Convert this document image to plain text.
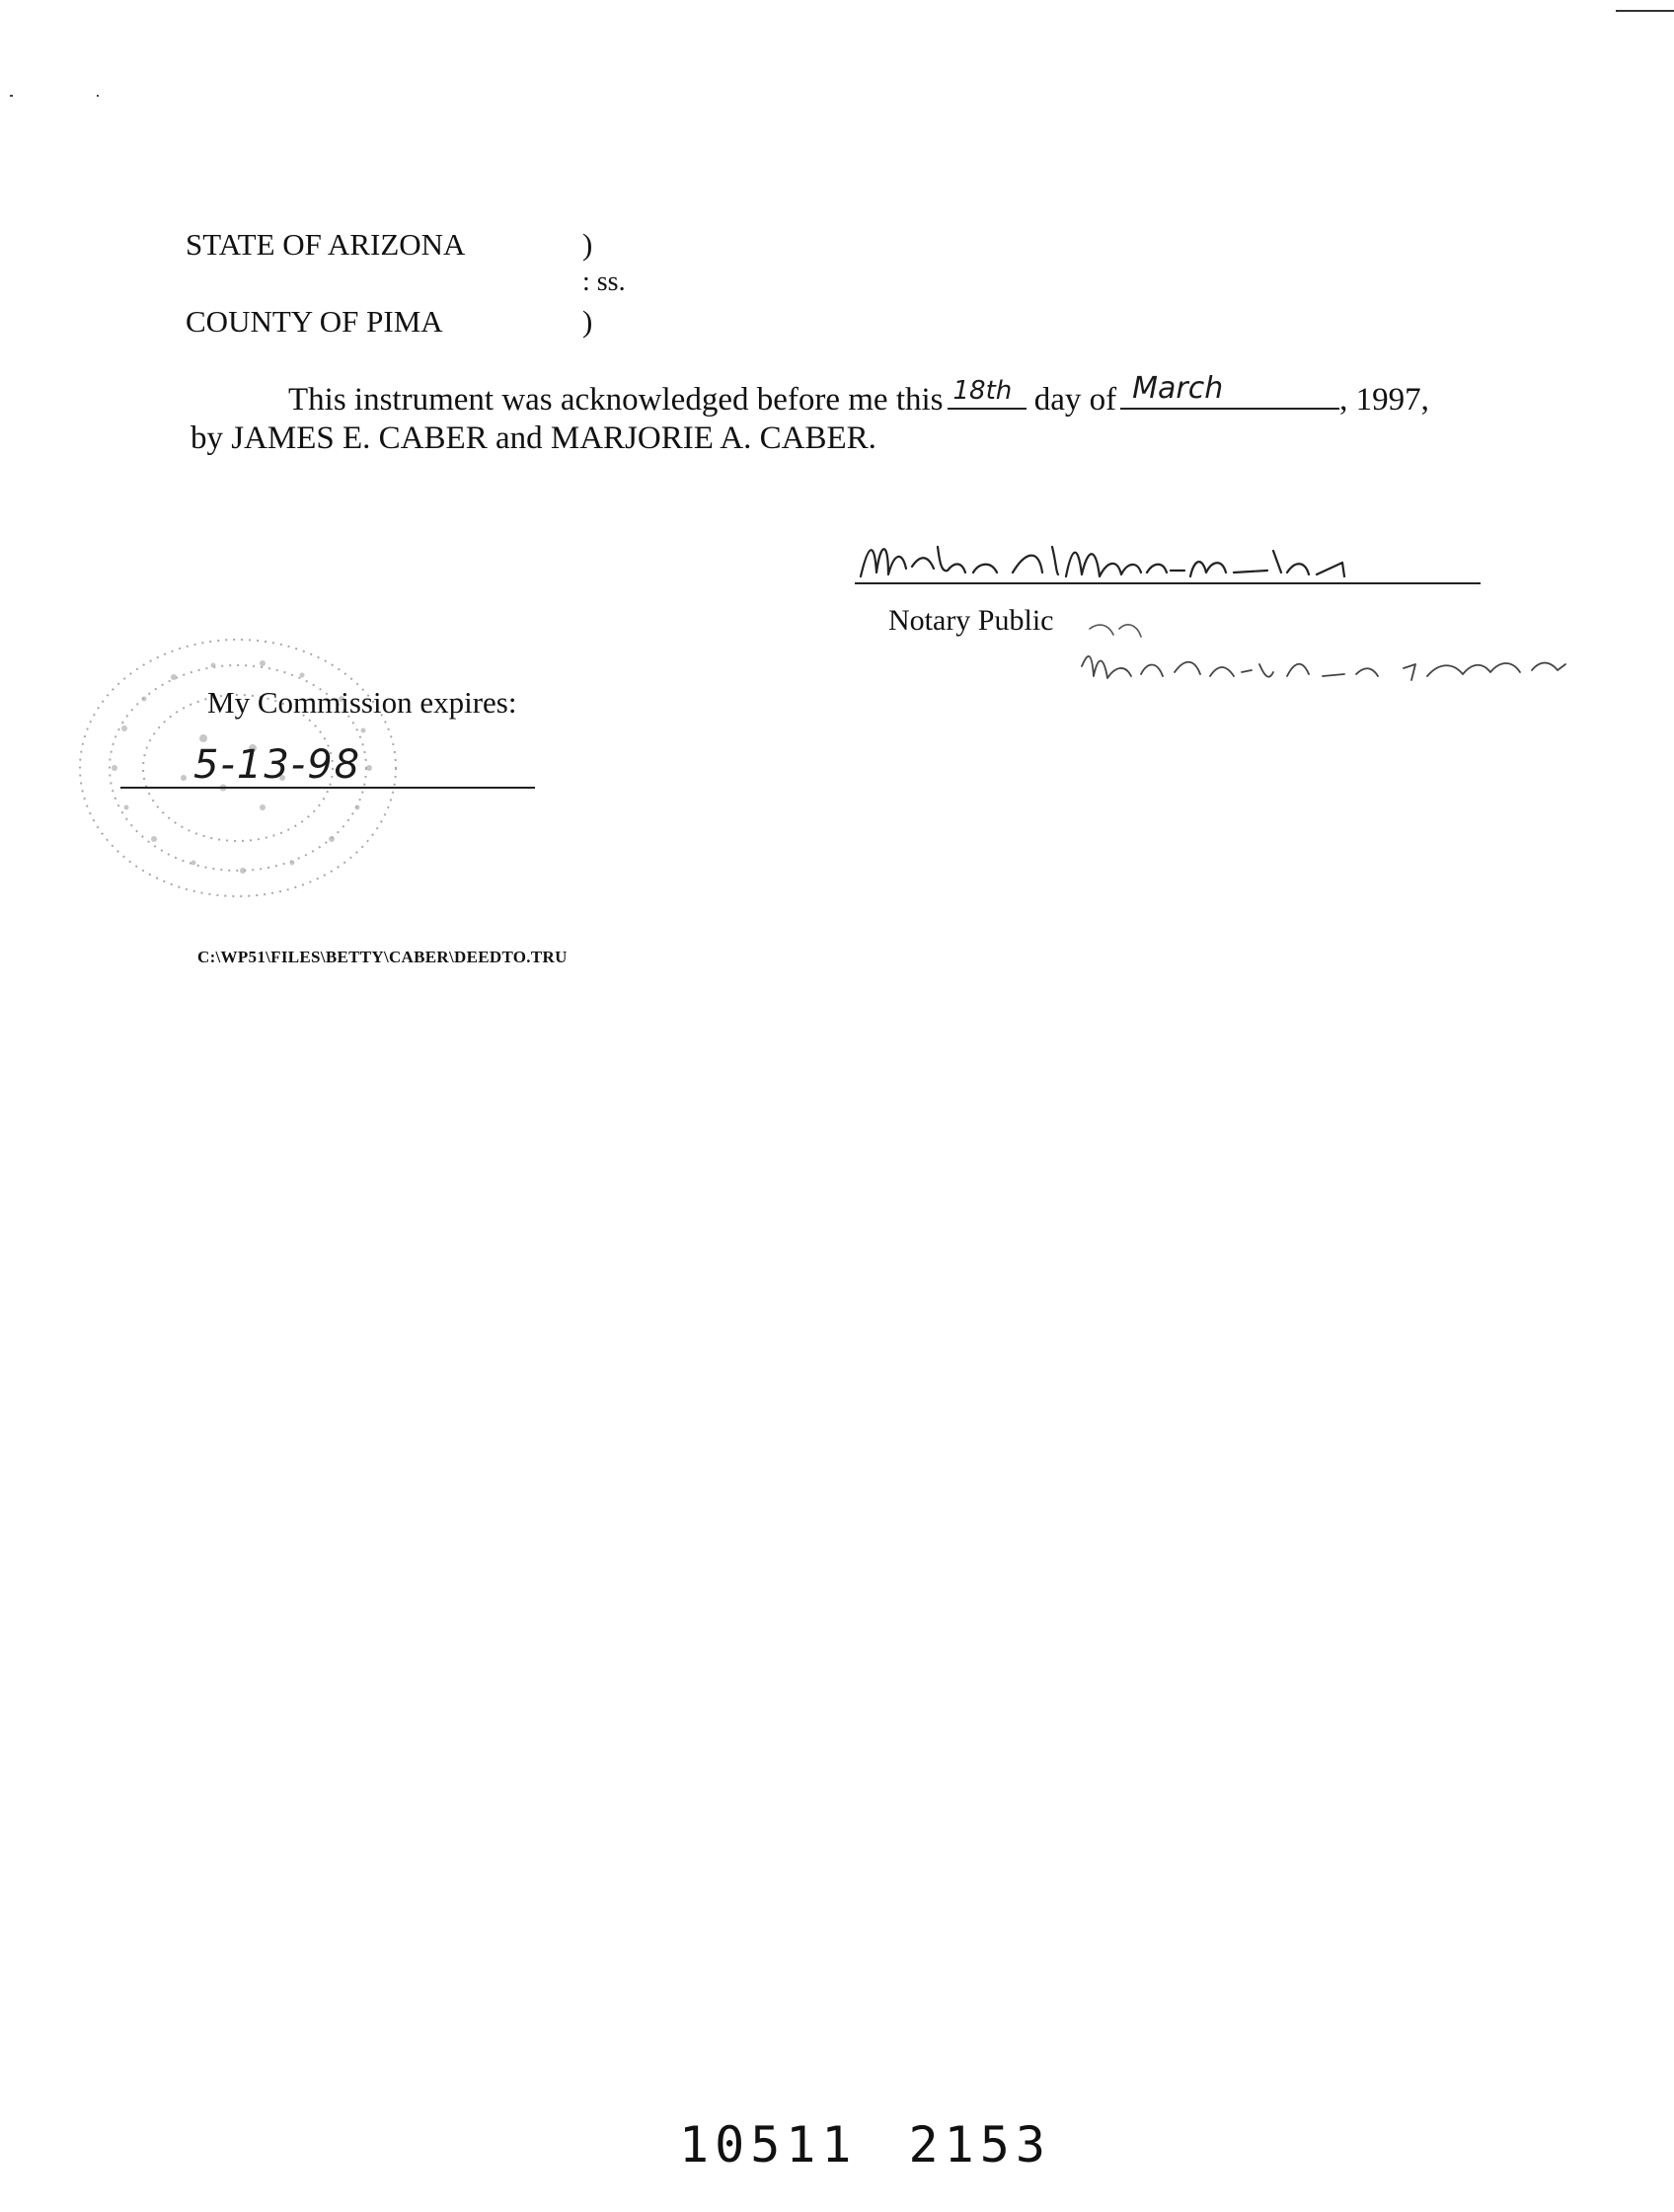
STATE OF ARIZONA	)
: ss.
COUNTY OF PIMA	)
This instrument was acknowledged before me this 18th day of March	, 1997,
by JAMES E. CABER and MARJORIE A. CABER.
Notary Public
My Commission expires:
5-13-98
C:\WP51\FILES\BETTY\CABER\DEEDTO.TRU
10511 2153
